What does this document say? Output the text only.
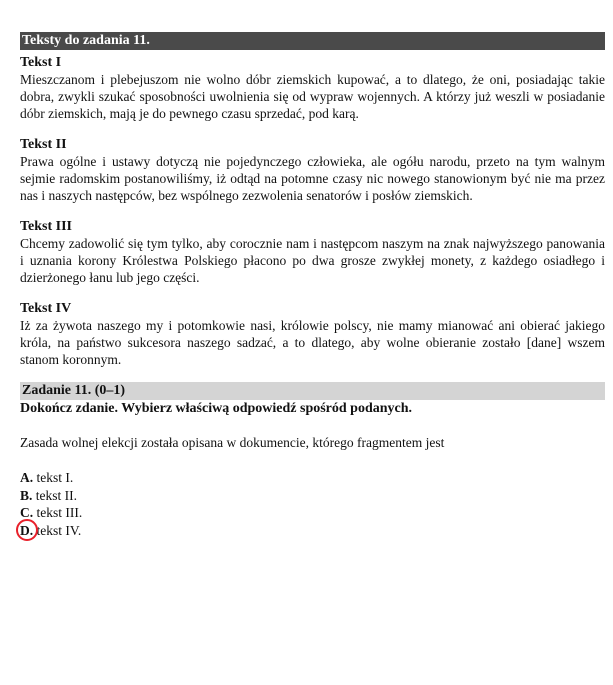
Teksty do zadania 11.
Tekst I
Mieszczanom i plebejuszom nie wolno dóbr ziemskich kupować, a to dlatego, że oni, posiadając takie dobra, zwykli szukać sposobności uwolnienia się od wypraw wojennych. A którzy już weszli w posiadanie dóbr ziemskich, mają je do pewnego czasu sprzedać, pod karą.
Tekst II
Prawa ogólne i ustawy dotyczą nie pojedynczego człowieka, ale ogółu narodu, przeto na tym walnym sejmie radomskim postanowiliśmy, iż odtąd na potomne czasy nic nowego stanowionym być nie ma przez nas i naszych następców, bez wspólnego zezwolenia senatorów i posłów ziemskich.
Tekst III
Chcemy zadowolić się tym tylko, aby corocznie nam i następcom naszym na znak najwyższego panowania i uznania korony Królestwa Polskiego płacono po dwa grosze zwykłej monety, z każdego osiadłego i dzierżonego łanu lub jego części.
Tekst IV
Iż za żywota naszego my i potomkowie nasi, królowie polscy, nie mamy mianować ani obierać jakiego króla, na państwo sukcesora naszego sadzać, a to dlatego, aby wolne obieranie zostało [dane] wszem stanom koronnym.
Zadanie 11. (0–1)
Dokończ zdanie. Wybierz właściwą odpowiedź spośród podanych.
Zasada wolnej elekcji została opisana w dokumencie, którego fragmentem jest
A. tekst I.
B. tekst II.
C. tekst III.
D. tekst IV.
